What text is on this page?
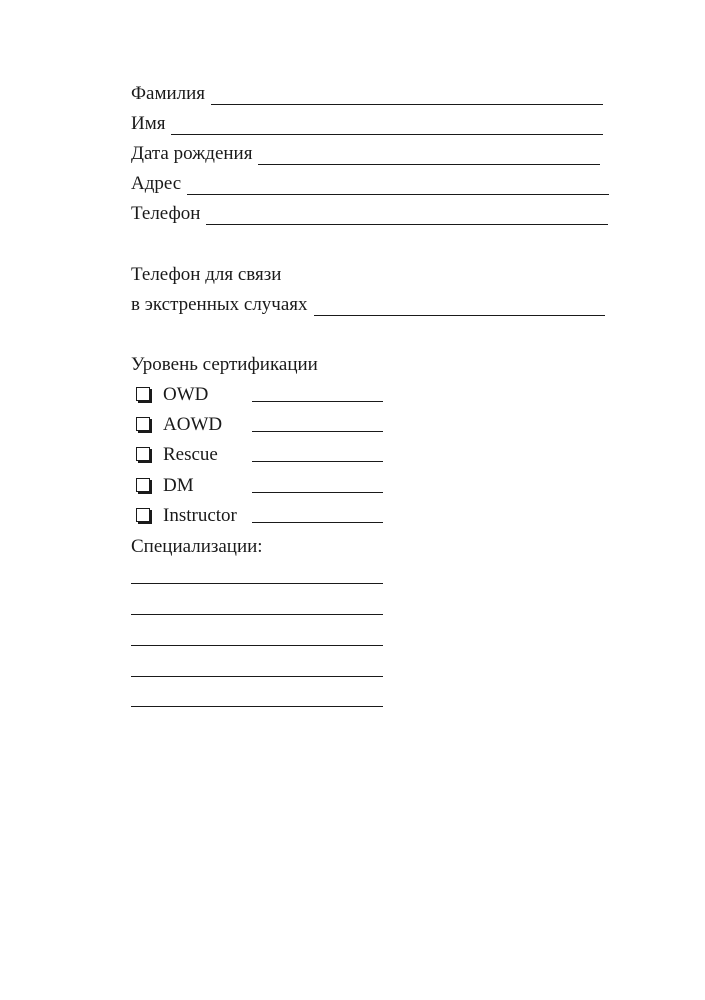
Фамилия
Имя
Дата рождения
Адрес
Телефон
Телефон для связи
в экстренных случаях
Уровень сертификации
OWD
AOWD
Rescue
DM
Instructor
Специализации:
